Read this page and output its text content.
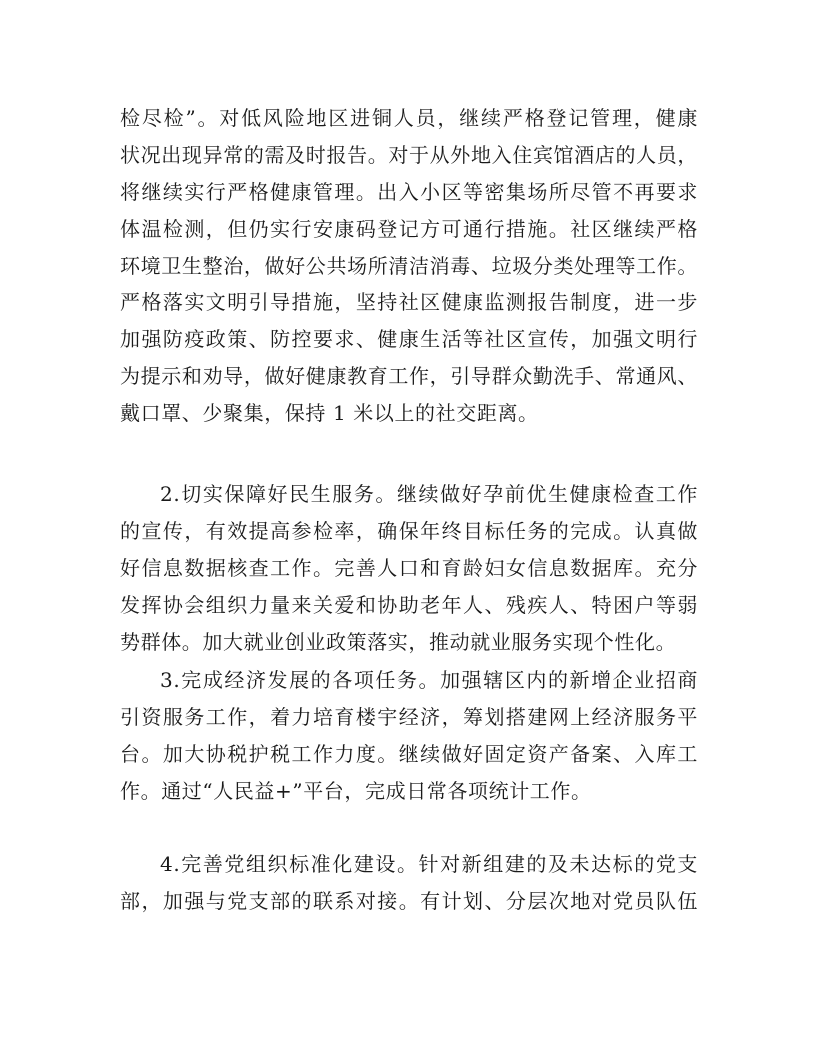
检尽检”。对低风险地区进铜人员，继续严格登记管理，健康
状况出现异常的需及时报告。对于从外地入住宾馆酒店的人员，
将继续实行严格健康管理。出入小区等密集场所尽管不再要求
体温检测，但仍实行安康码登记方可通行措施。社区继续严格
环境卫生整治，做好公共场所清洁消毒、垃圾分类处理等工作。
严格落实文明引导措施，坚持社区健康监测报告制度，进一步
加强防疫政策、防控要求、健康生活等社区宣传，加强文明行
为提示和劝导，做好健康教育工作，引导群众勤洗手、常通风、
戴口罩、少聚集，保持 1 米以上的社交距离。
2.切实保障好民生服务。继续做好孕前优生健康检查工作
的宣传，有效提高参检率，确保年终目标任务的完成。认真做
好信息数据核查工作。完善人口和育龄妇女信息数据库。充分
发挥协会组织力量来关爱和协助老年人、残疾人、特困户等弱
势群体。加大就业创业政策落实，推动就业服务实现个性化。
3.完成经济发展的各项任务。加强辖区内的新增企业招商
引资服务工作，着力培育楼宇经济，筹划搭建网上经济服务平
台。加大协税护税工作力度。继续做好固定资产备案、入库工
作。通过“人民益+”平台，完成日常各项统计工作。
4.完善党组织标准化建设。针对新组建的及未达标的党支
部，加强与党支部的联系对接。有计划、分层次地对党员队伍
